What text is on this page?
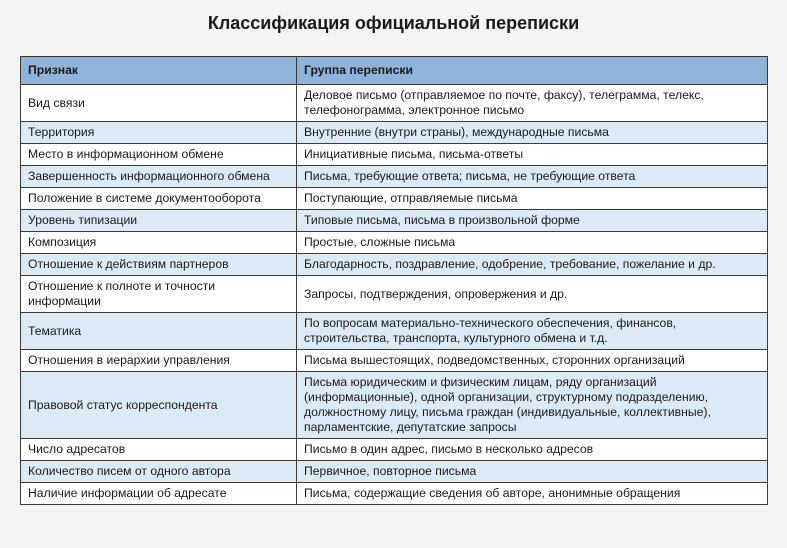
Классификация официальной переписки
Признак	Группа переписки
Вид связи	Деловое письмо (отправляемое по почте, факсу), телеграмма, телекс, телефонограмма, электронное письмо
Территория	Внутренние (внутри страны), международные письма
Место в информационном обмене	Инициативные письма, письма-ответы
Завершенность информационного обмена	Письма, требующие ответа; письма, не требующие ответа
Положение в системе документооборота	Поступающие, отправляемые письма
Уровень типизации	Типовые письма, письма в произвольной форме
Композиция	Простые, сложные письма
Отношение к действиям партнеров	Благодарность, поздравление, одобрение, требование, пожелание и др.
Отношение к полноте и точности информации	Запросы, подтверждения, опровержения и др.
Тематика	По вопросам материально-технического обеспечения, финансов, строительства, транспорта, культурного обмена и т.д.
Отношения в иерархии управления	Письма вышестоящих, подведомственных, сторонних организаций
Правовой статус корреспондента	Письма юридическим и физическим лицам, ряду организаций (информационные), одной организации, структурному подразделению, должностному лицу, письма граждан (индивидуальные, коллективные), парламентские, депутатские запросы
Число адресатов	Письмо в один адрес, письмо в несколько адресов
Количество писем от одного автора	Первичное, повторное письма
Наличие информации об адресате	Письма, содержащие сведения об авторе, анонимные обращения
